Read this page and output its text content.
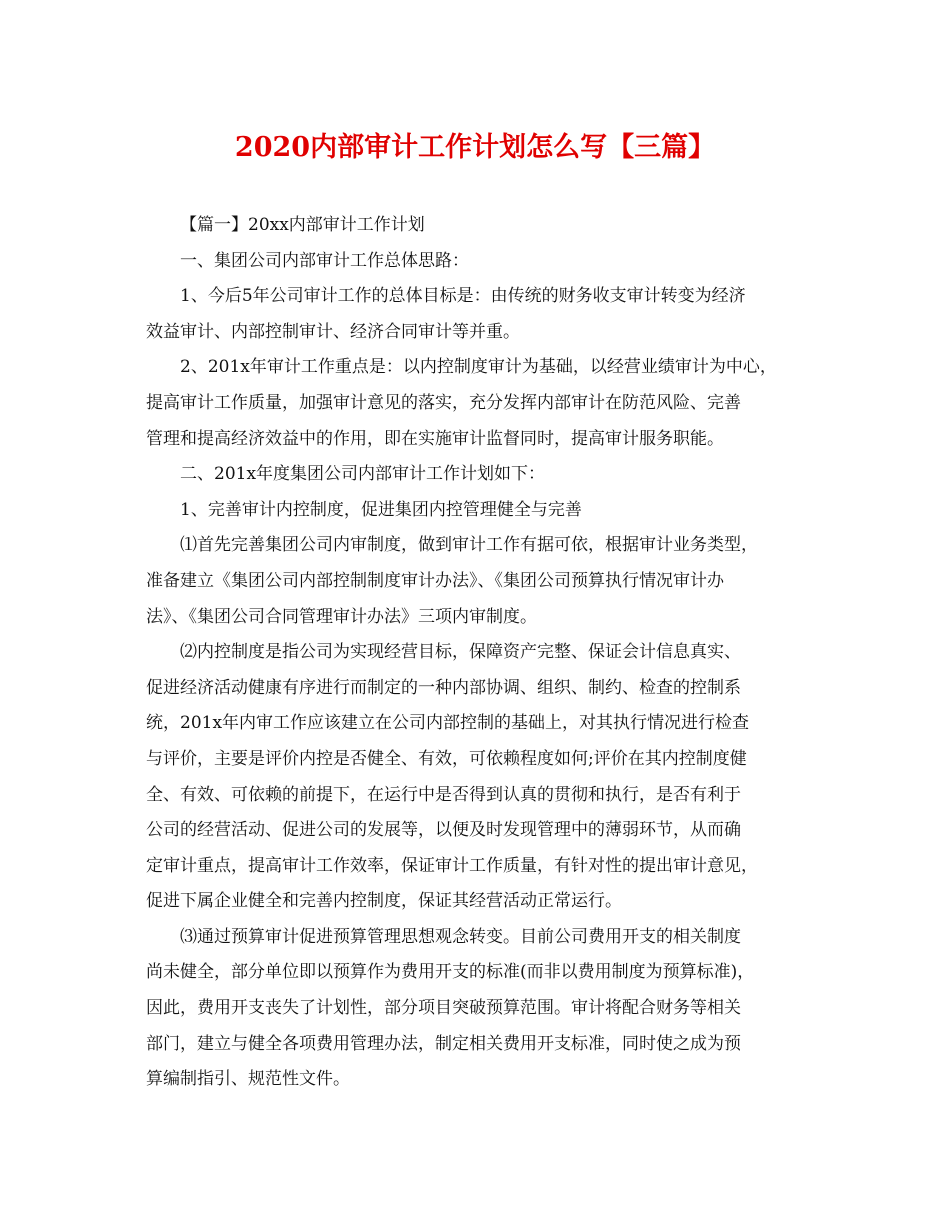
2020内部审计工作计划怎么写【三篇】
【篇一】20xx内部审计工作计划
一、集团公司内部审计工作总体思路：
1、今后5年公司审计工作的总体目标是：由传统的财务收支审计转变为经济
效益审计、内部控制审计、经济合同审计等并重。
2、201x年审计工作重点是：以内控制度审计为基础，以经营业绩审计为中心，
提高审计工作质量，加强审计意见的落实，充分发挥内部审计在防范风险、完善
管理和提高经济效益中的作用，即在实施审计监督同时，提高审计服务职能。
二、201x年度集团公司内部审计工作计划如下：
1、完善审计内控制度，促进集团内控管理健全与完善
⑴首先完善集团公司内审制度，做到审计工作有据可依，根据审计业务类型，
准备建立《集团公司内部控制制度审计办法》、《集团公司预算执行情况审计办
法》、《集团公司合同管理审计办法》三项内审制度。
⑵内控制度是指公司为实现经营目标，保障资产完整、保证会计信息真实、
促进经济活动健康有序进行而制定的一种内部协调、组织、制约、检查的控制系
统，201x年内审工作应该建立在公司内部控制的基础上，对其执行情况进行检查
与评价，主要是评价内控是否健全、有效，可依赖程度如何;评价在其内控制度健
全、有效、可依赖的前提下，在运行中是否得到认真的贯彻和执行，是否有利于
公司的经营活动、促进公司的发展等，以便及时发现管理中的薄弱环节，从而确
定审计重点，提高审计工作效率，保证审计工作质量，有针对性的提出审计意见，
促进下属企业健全和完善内控制度，保证其经营活动正常运行。
⑶通过预算审计促进预算管理思想观念转变。目前公司费用开支的相关制度
尚未健全，部分单位即以预算作为费用开支的标准(而非以费用制度为预算标准)，
因此，费用开支丧失了计划性，部分项目突破预算范围。审计将配合财务等相关
部门，建立与健全各项费用管理办法，制定相关费用开支标准，同时使之成为预
算编制指引、规范性文件。
